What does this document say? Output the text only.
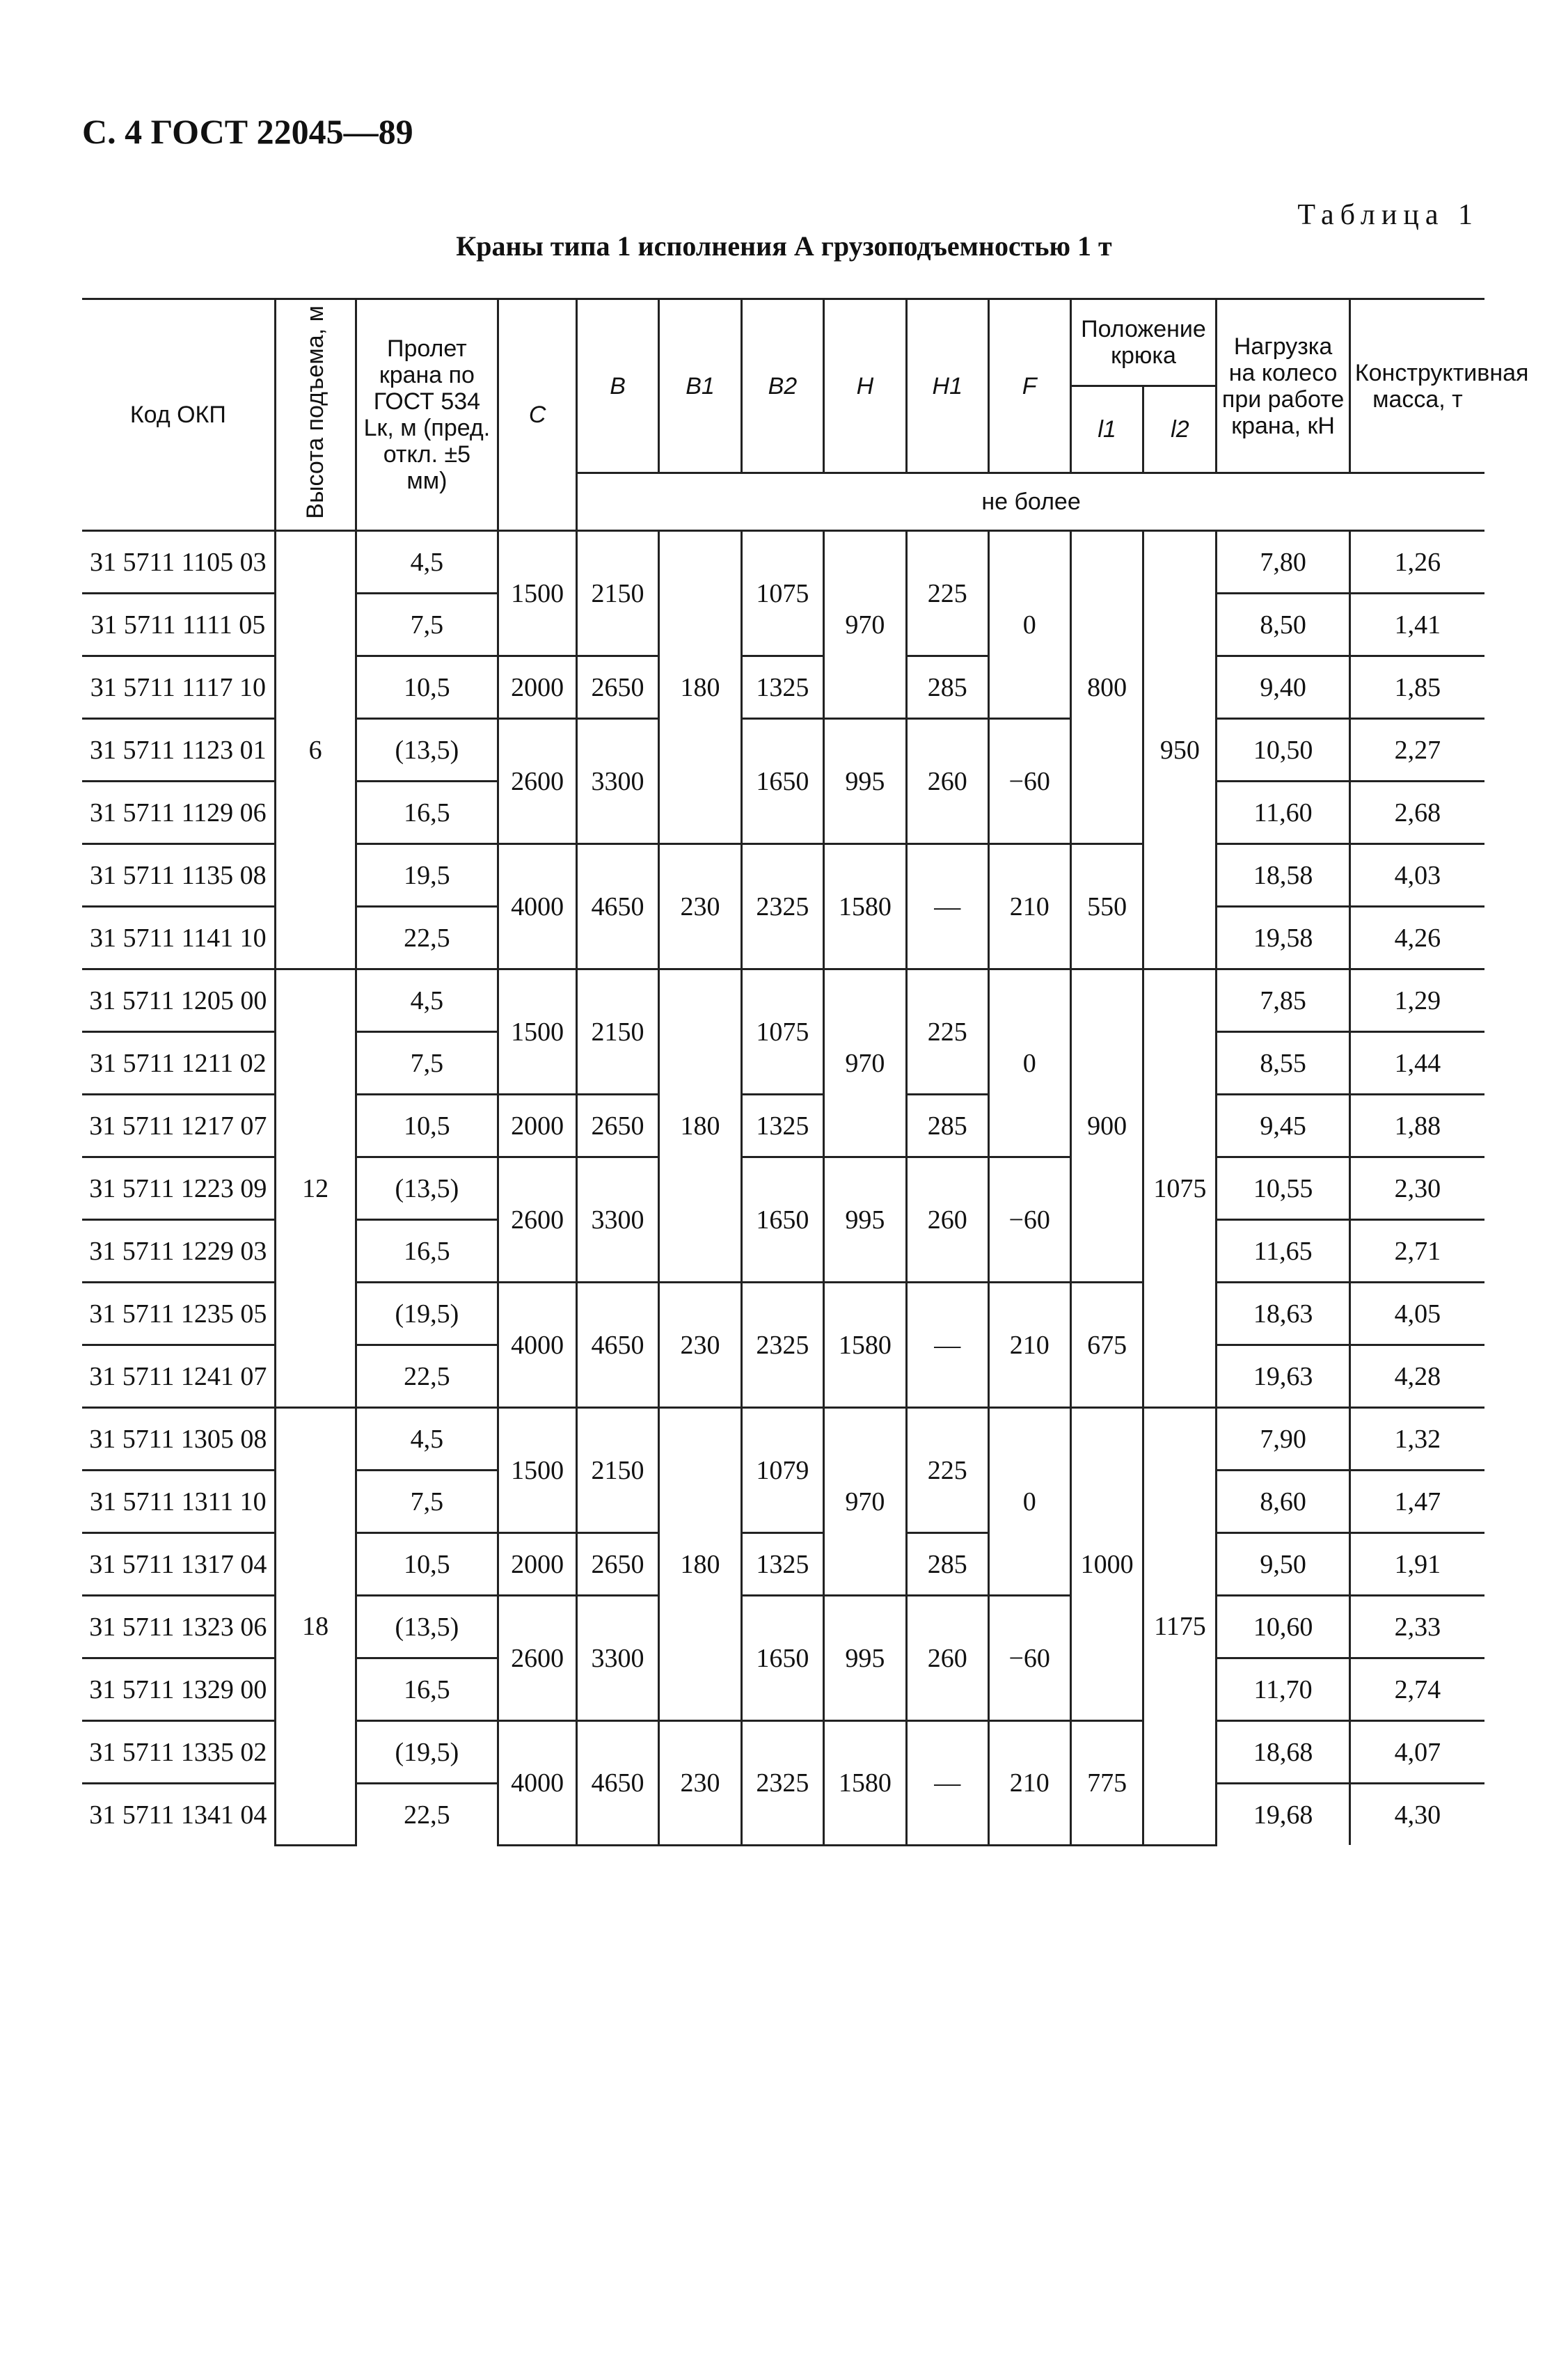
С. 4 ГОСТ 22045—89
Таблица 1
Краны типа 1 исполнения А грузоподъемностью 1 т
Код ОКП	Высота подъема, м	Пролет крана по ГОСТ 534 Lк, м (пред. откл. ±5 мм)	C	B	B1	B2	H	H1	F	Положение крюка		Нагрузка на колесо при работе крана, кН	Конструктивная масса, т
										l1	l2		
				не более									
31 5711 1105 03	6	4,5	1500	2150	180	1075	970	225	0	800	950	7,80	1,26
31 5711 1111 05		7,5										8,50	1,41
31 5711 1117 10		10,5	2000	2650		1325		285				9,40	1,85
31 5711 1123 01		(13,5)	2600	3300		1650	995	260	−60			10,50	2,27
31 5711 1129 06		16,5										11,60	2,68
31 5711 1135 08		19,5	4000	4650	230	2325	1580	—	210	550		18,58	4,03
31 5711 1141 10		22,5										19,58	4,26
31 5711 1205 00	12	4,5	1500	2150	180	1075	970	225	0	900	1075	7,85	1,29
31 5711 1211 02		7,5										8,55	1,44
31 5711 1217 07		10,5	2000	2650		1325		285				9,45	1,88
31 5711 1223 09		(13,5)	2600	3300		1650	995	260	−60			10,55	2,30
31 5711 1229 03		16,5										11,65	2,71
31 5711 1235 05		(19,5)	4000	4650	230	2325	1580	—	210	675		18,63	4,05
31 5711 1241 07		22,5										19,63	4,28
31 5711 1305 08	18	4,5	1500	2150	180	1079	970	225	0	1000	1175	7,90	1,32
31 5711 1311 10		7,5										8,60	1,47
31 5711 1317 04		10,5	2000	2650		1325		285				9,50	1,91
31 5711 1323 06		(13,5)	2600	3300		1650	995	260	−60			10,60	2,33
31 5711 1329 00		16,5										11,70	2,74
31 5711 1335 02		(19,5)	4000	4650	230	2325	1580	—	210	775		18,68	4,07
31 5711 1341 04		22,5										19,68	4,30
